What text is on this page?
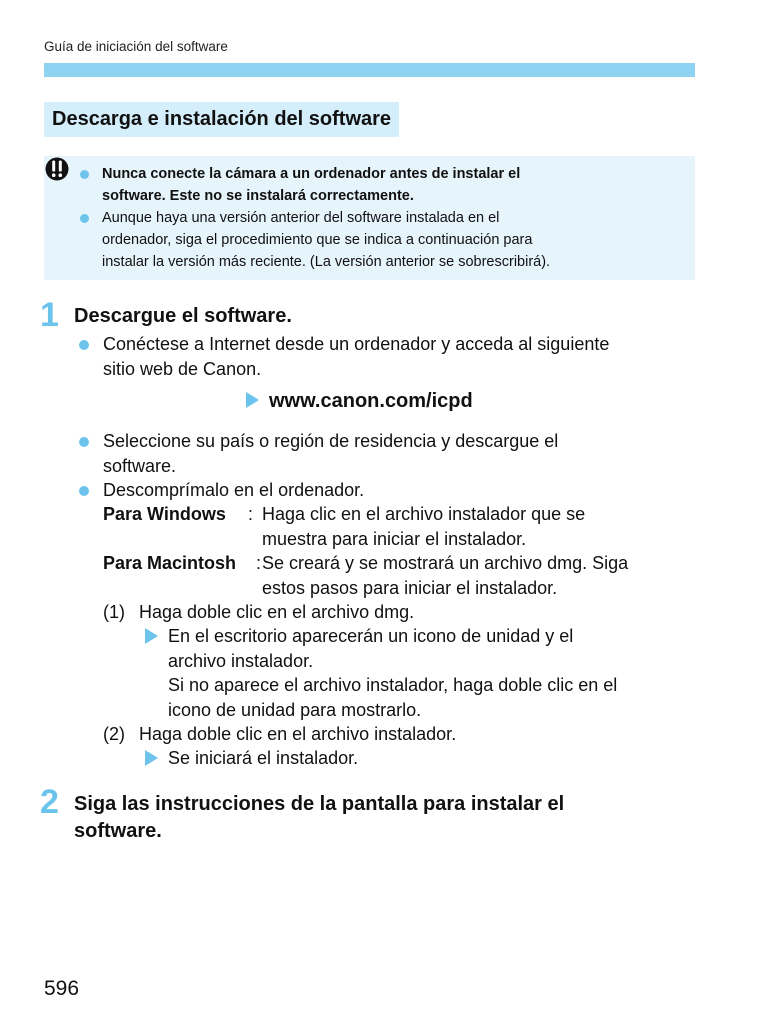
Guía de iniciación del software
Descarga e instalación del software
Nunca conecte la cámara a un ordenador antes de instalar el
software. Este no se instalará correctamente.
Aunque haya una versión anterior del software instalada en el
ordenador, siga el procedimiento que se indica a continuación para
instalar la versión más reciente. (La versión anterior se sobrescribirá).
1 Descargue el software.
Conéctese a Internet desde un ordenador y acceda al siguiente
sitio web de Canon.
www.canon.com/icpd
Seleccione su país o región de residencia y descargue el
software.
Descomprímalo en el ordenador.
Para Windows : Haga clic en el archivo instalador que se
muestra para iniciar el instalador.
Para Macintosh : Se creará y se mostrará un archivo dmg. Siga
estos pasos para iniciar el instalador.
(1) Haga doble clic en el archivo dmg.
En el escritorio aparecerán un icono de unidad y el
archivo instalador.
Si no aparece el archivo instalador, haga doble clic en el
icono de unidad para mostrarlo.
(2) Haga doble clic en el archivo instalador.
Se iniciará el instalador.
2 Siga las instrucciones de la pantalla para instalar el
software.
596
